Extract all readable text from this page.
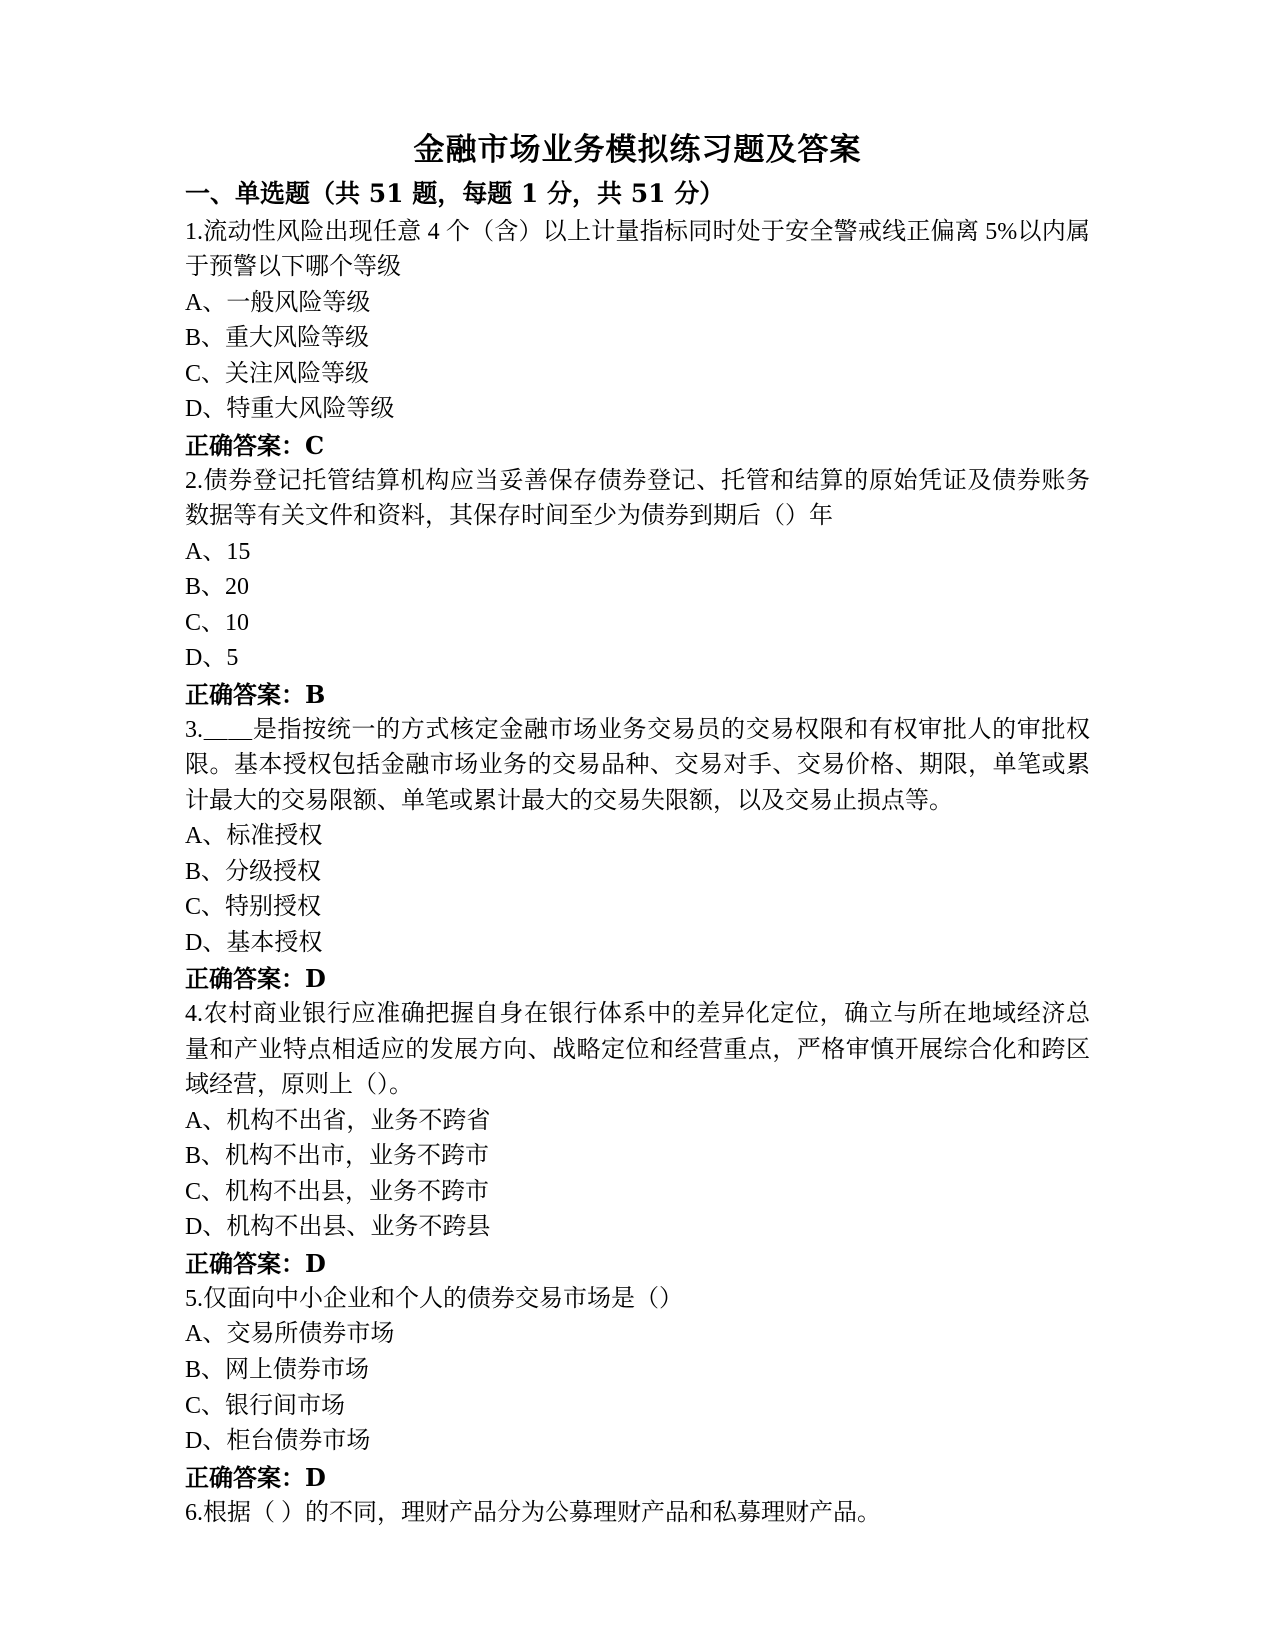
金融市场业务模拟练习题及答案
一、单选题（共 51 题，每题 1 分，共 51 分）

1.流动性风险出现任意 4 个（含）以上计量指标同时处于安全警戒线正偏离 5%以内属于预警以下哪个等级

A、一般风险等级

B、重大风险等级

C、关注风险等级

D、特重大风险等级

正确答案：C

2.债券登记托管结算机构应当妥善保存债券登记、托管和结算的原始凭证及债券账务数据等有关文件和资料，其保存时间至少为债券到期后（）年

A、15

B、20

C、10

D、5

正确答案：B

3.＿＿是指按统一的方式核定金融市场业务交易员的交易权限和有权审批人的审批权限。基本授权包括金融市场业务的交易品种、交易对手、交易价格、期限，单笔或累计最大的交易限额、单笔或累计最大的交易失限额，以及交易止损点等。

A、标准授权

B、分级授权

C、特别授权

D、基本授权

正确答案：D

4.农村商业银行应准确把握自身在银行体系中的差异化定位，确立与所在地域经济总量和产业特点相适应的发展方向、战略定位和经营重点，严格审慎开展综合化和跨区域经营，原则上（）。

A、机构不出省，业务不跨省

B、机构不出市，业务不跨市

C、机构不出县，业务不跨市

D、机构不出县、业务不跨县

正确答案：D

5.仅面向中小企业和个人的债券交易市场是（）

A、交易所债券市场

B、网上债券市场

C、银行间市场

D、柜台债券市场

正确答案：D

6.根据（ ）的不同，理财产品分为公募理财产品和私募理财产品。
